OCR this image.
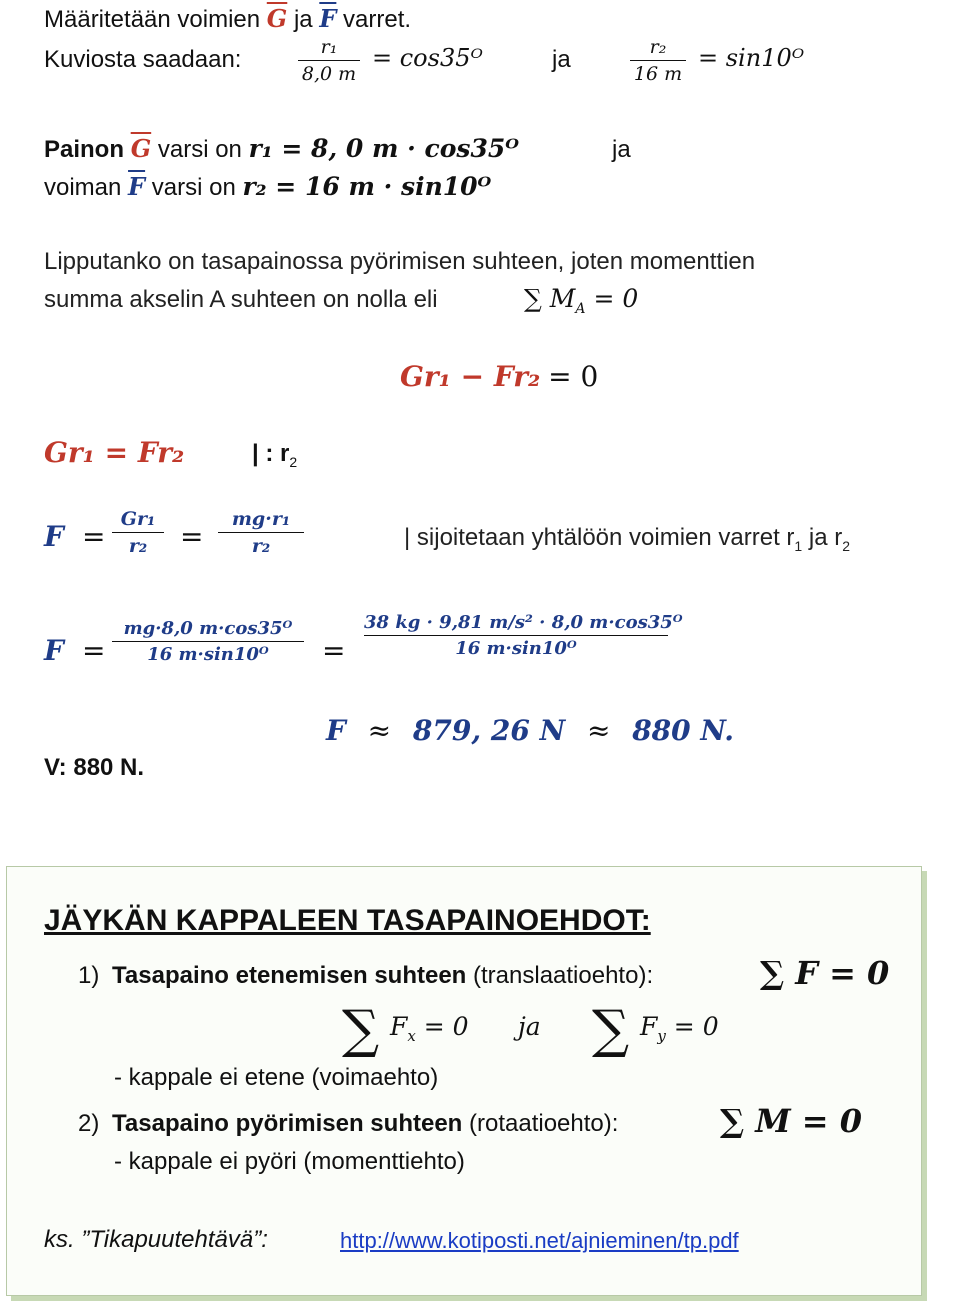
Määritetään voimien $\overline{G}$ ja $\overline{F}$ varret.
Kuviosta saadaan:	r₁
8,0 m
= cos35ᴼ	ja	r₂
16 m
= sin10ᴼ
Painon $\overline{G}$ varsi on r₁ = 8, 0 m · cos35ᴼ	ja
voiman $\overline{F}$ varsi on r₂ = 16 m · sin10ᴼ
Lipputanko on tasapainossa pyörimisen suhteen, joten momenttien
summa akselin A suhteen on nolla eli	∑ $M_A = 0$
Gr₁ − Fr₂ = 0
Gr₁ = Fr₂	| : $r_2$
F =
Gr₁
r₂	=
mg·r₁
r₂	| sijoitetaan yhtälöön voimien varret $r_1$ ja $r_2$
F =
mg·8,0 m·cos35ᴼ
16 m·sin10ᴼ	=
38 kg · 9,81 m/s² · 8,0 m·cos35ᴼ
16 m·sin10ᴼ
F ≈ 879, 26 N ≈ 880 N.
V: 880 N.
JÄYKÄN KAPPALEEN TASAPAINOEHDOT:
1) Tasapaino etenemisen suhteen (translaatioehto):	∑ F = 0
∑ $F_x = 0$ ja ∑ $F_y = 0$
- kappale ei etene (voimaehto)
2) Tasapaino pyörimisen suhteen (rotaatioehto):	∑ M = 0
- kappale ei pyöri (momenttiehto)
ks. ”Tikapuutehtävä”:	http://www.kotiposti.net/ajnieminen/tp.pdf
